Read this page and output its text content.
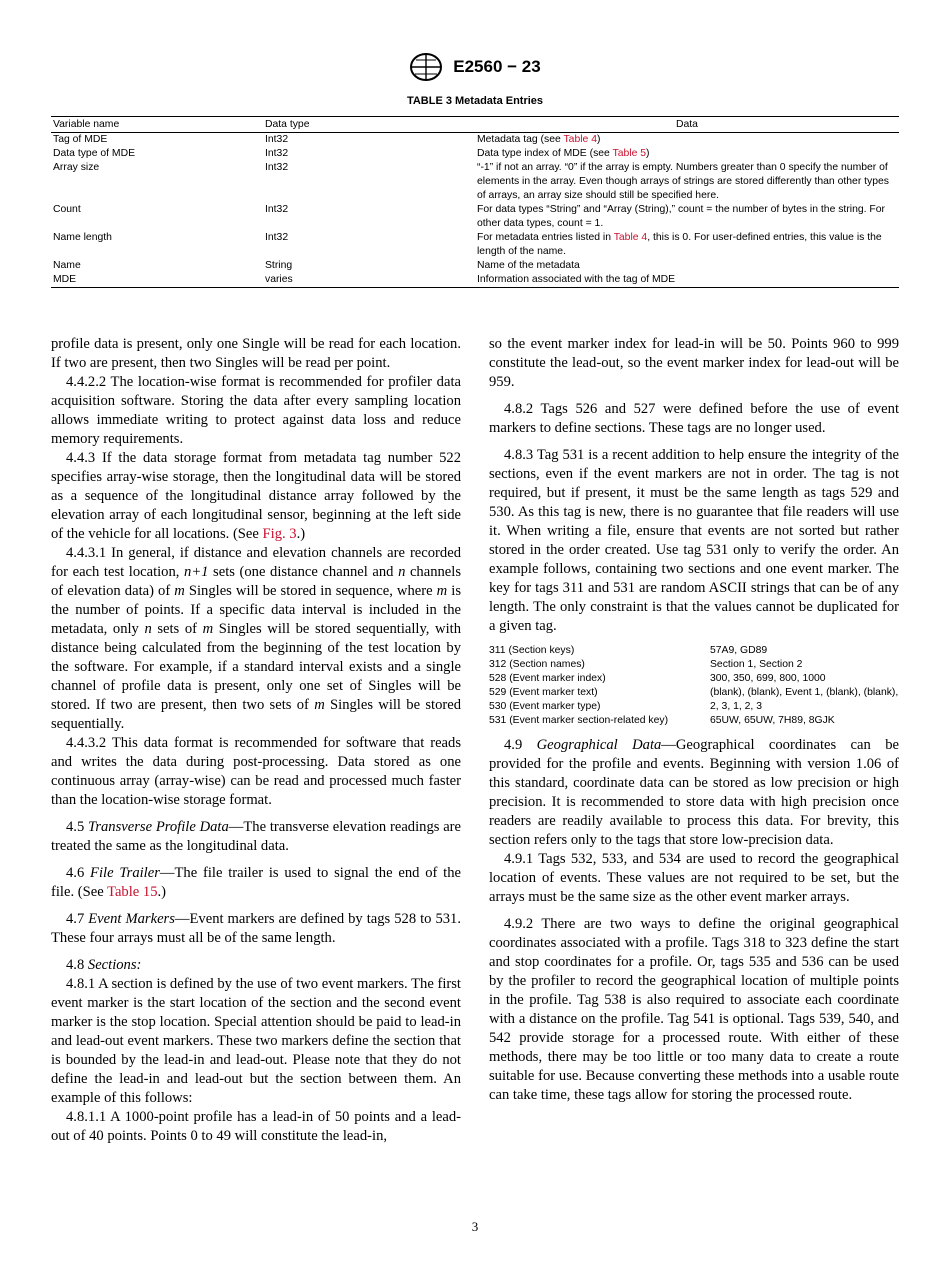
E2560 − 23
TABLE 3 Metadata Entries
Variable name	Data type	Data
Tag of MDE	Int32	Metadata tag (see Table 4)
Data type of MDE	Int32	Data type index of MDE (see Table 5)
Array size	Int32	“-1” if not an array. “0” if the array is empty. Numbers greater than 0 specify the number of elements in the array. Even though arrays of strings are stored differently than other types of arrays, an array size should still be specified here.
Count	Int32	For data types “String” and “Array (String),” count = the number of bytes in the string. For other data types, count = 1.
Name length	Int32	For metadata entries listed in Table 4, this is 0. For user-defined entries, this value is the length of the name.
Name	String	Name of the metadata
MDE	varies	Information associated with the tag of MDE

profile data is present, only one Single will be read for each location. If two are present, then two Singles will be read per point.

4.4.2.2 The location-wise format is recommended for profiler data acquisition software. Storing the data after every sampling location allows immediate writing to protect against data loss and reduce memory requirements.

4.4.3 If the data storage format from metadata tag number 522 specifies array-wise storage, then the longitudinal data will be stored as a sequence of the longitudinal distance array followed by the elevation array of each longitudinal sensor, beginning at the left side of the vehicle for all locations. (See Fig. 3.)

4.4.3.1 In general, if distance and elevation channels are recorded for each test location, n+1 sets (one distance channel and n channels of elevation data) of m Singles will be stored in sequence, where m is the number of points. If a specific data interval is included in the metadata, only n sets of m Singles will be stored sequentially, with distance being calculated from the beginning of the test location by the software. For example, if a standard interval exists and a single channel of profile data is present, only one set of Singles will be stored. If two are present, then two sets of m Singles will be stored sequentially.

4.4.3.2 This data format is recommended for software that reads and writes the data during post-processing. Data stored as one continuous array (array-wise) can be read and processed much faster than the location-wise storage format.

4.5 Transverse Profile Data—The transverse elevation readings are treated the same as the longitudinal data.

4.6 File Trailer—The file trailer is used to signal the end of the file. (See Table 15.)

4.7 Event Markers—Event markers are defined by tags 528 to 531. These four arrays must all be of the same length.

4.8 Sections:

4.8.1 A section is defined by the use of two event markers. The first event marker is the start location of the section and the second event marker is the stop location. Special attention should be paid to lead-in and lead-out event markers. These two markers define the section that is bounded by the lead-in and lead-out. Please note that they do not define the lead-in and lead-out but the section between them. An example of this follows:

4.8.1.1 A 1000-point profile has a lead-in of 50 points and a lead-out of 40 points. Points 0 to 49 will constitute the lead-in,

so the event marker index for lead-in will be 50. Points 960 to 999 constitute the lead-out, so the event marker index for lead-out will be 959.

4.8.2 Tags 526 and 527 were defined before the use of event markers to define sections. These tags are no longer used.

4.8.3 Tag 531 is a recent addition to help ensure the integrity of the sections, even if the event markers are not in order. The tag is not required, but if present, it must be the same length as tags 529 and 530. As this tag is new, there is no guarantee that file readers will use it. When writing a file, ensure that events are not sorted but rather stored in the order created. Use tag 531 only to verify the order. An example follows, containing two sections and one event marker. The key for tags 311 and 531 are random ASCII strings that can be of any length. The only constraint is that the values cannot be duplicated for a given tag.

311 (Section keys)	57A9, GD89
312 (Section names)	Section 1, Section 2
528 (Event marker index)	300, 350, 699, 800, 1000
529 (Event marker text)	(blank), (blank), Event 1, (blank), (blank),
530 (Event marker type)	2, 3, 1, 2, 3
531 (Event marker section-related key)	65UW, 65UW, 7H89, 8GJK

4.9 Geographical Data—Geographical coordinates can be provided for the profile and events. Beginning with version 1.06 of this standard, coordinate data can be stored as low precision or high precision. It is recommended to store data with high precision once readers are readily available to process this data. For brevity, this section refers only to the tags that store low-precision data.

4.9.1 Tags 532, 533, and 534 are used to record the geographical location of events. These values are not required to be set, but the arrays must be the same size as the other event marker arrays.

4.9.2 There are two ways to define the original geographical coordinates associated with a profile. Tags 318 to 323 define the start and stop coordinates for a profile. Or, tags 535 and 536 can be used by the profiler to record the geographical location of multiple points in the profile. Tag 538 is also required to associate each coordinate with a distance on the profile. Tag 541 is optional. Tags 539, 540, and 542 provide storage for a processed route. With either of these methods, there may be too little or too many data to create a route suitable for use. Because converting these methods into a usable route can take time, these tags allow for storing the processed route.

3
